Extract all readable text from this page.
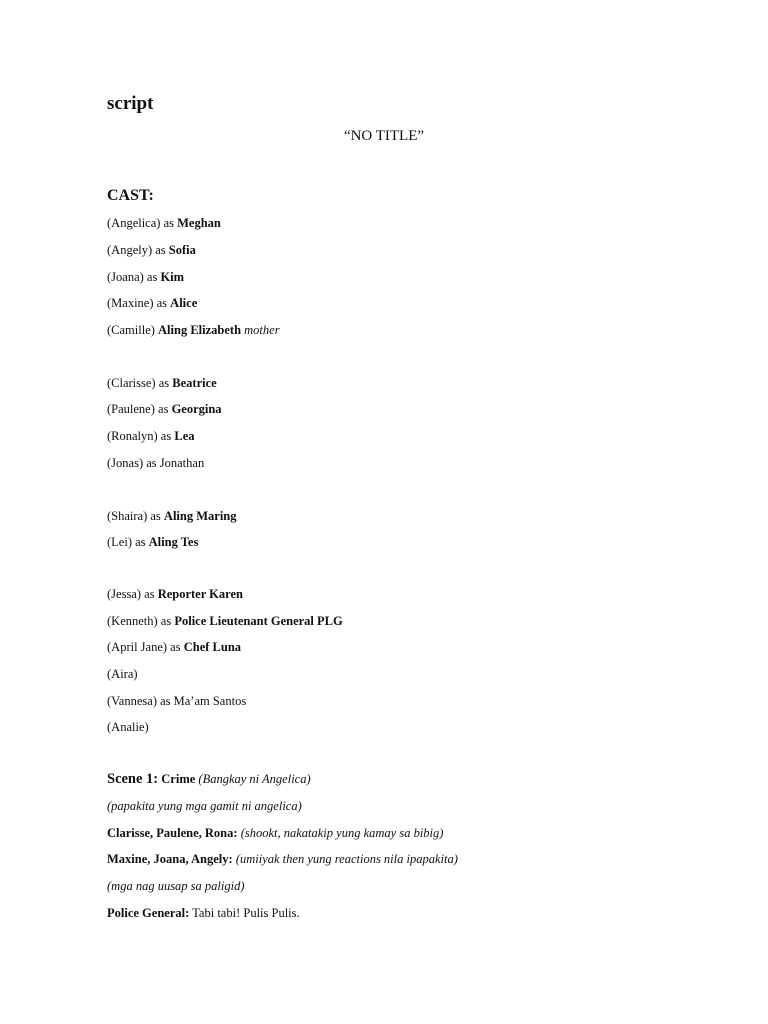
script
“NO TITLE”
CAST:
(Angelica) as Meghan
(Angely) as Sofia
(Joana) as Kim
(Maxine) as Alice
(Camille) Aling Elizabeth mother
(Clarisse) as Beatrice
(Paulene) as Georgina
(Ronalyn) as Lea
(Jonas) as Jonathan
(Shaira) as Aling Maring
(Lei) as Aling Tes
(Jessa) as Reporter Karen
(Kenneth) as Police Lieutenant General PLG
(April Jane) as Chef Luna
(Aira)
(Vannesa) as Ma’am Santos
(Analie)
Scene 1: Crime (Bangkay ni Angelica)
(papakita yung mga gamit ni angelica)
Clarisse, Paulene, Rona: (shookt, nakatakip yung kamay sa bibig)
Maxine, Joana, Angely: (umiiyak then yung reactions nila ipapakita)
(mga nag uusap sa paligid)
Police General: Tabi tabi! Pulis Pulis.
